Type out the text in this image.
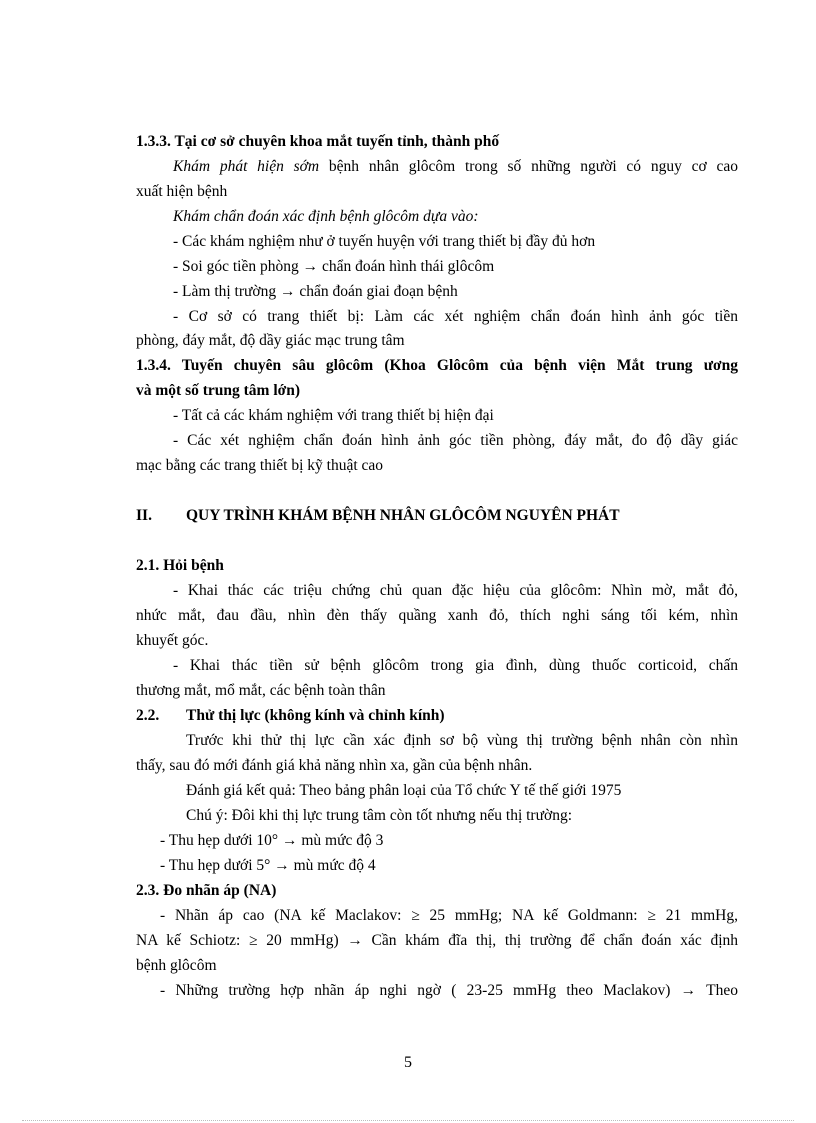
1.3.3. Tại cơ sở chuyên khoa mắt tuyến tỉnh, thành phố
Khám phát hiện sớm bệnh nhân glôcôm trong số những người có nguy cơ cao
xuất hiện bệnh
Khám chẩn đoán xác định bệnh glôcôm dựa vào:
- Các khám nghiệm như ở tuyến huyện với trang thiết bị đầy đủ hơn
- Soi góc tiền phòng → chẩn đoán hình thái glôcôm
- Làm thị trường → chẩn đoán giai đoạn bệnh
- Cơ sở có trang thiết bị: Làm các xét nghiệm chẩn đoán hình ảnh góc tiền
phòng, đáy mắt, độ dầy giác mạc trung tâm
1.3.4. Tuyến chuyên sâu glôcôm (Khoa Glôcôm của bệnh viện Mắt trung ương
và một số trung tâm lớn)
- Tất cả các khám nghiệm với trang thiết bị hiện đại
- Các xét nghiệm chẩn đoán hình ảnh góc tiền phòng, đáy mắt, đo độ dầy giác
mạc bằng các trang thiết bị kỹ thuật cao
II. QUY TRÌNH KHÁM BỆNH NHÂN GLÔCÔM NGUYÊN PHÁT
2.1. Hỏi bệnh
- Khai thác các triệu chứng chủ quan đặc hiệu của glôcôm: Nhìn mờ, mắt đỏ,
nhức mắt, đau đầu, nhìn đèn thấy quầng xanh đỏ, thích nghi sáng tối kém, nhìn
khuyết góc.
- Khai thác tiền sử bệnh glôcôm trong gia đình, dùng thuốc corticoid, chấn
thương mắt, mổ mắt, các bệnh toàn thân
2.2. Thử thị lực (không kính và chỉnh kính)
Trước khi thử thị lực cần xác định sơ bộ vùng thị trường bệnh nhân còn nhìn
thấy, sau đó mới đánh giá khả năng nhìn xa, gần của bệnh nhân.
Đánh giá kết quả: Theo bảng phân loại của Tổ chức Y tế thế giới 1975
Chú ý: Đôi khi thị lực trung tâm còn tốt nhưng nếu thị trường:
- Thu hẹp dưới 10° → mù mức độ 3
- Thu hẹp dưới 5° → mù mức độ 4
2.3. Đo nhãn áp (NA)
- Nhãn áp cao (NA kế Maclakov: ≥ 25 mmHg; NA kế Goldmann: ≥ 21 mmHg,
NA kế Schiotz: ≥ 20 mmHg) → Cần khám đĩa thị, thị trường để chẩn đoán xác định
bệnh glôcôm
- Những trường hợp nhãn áp nghi ngờ ( 23-25 mmHg theo Maclakov) → Theo
5
